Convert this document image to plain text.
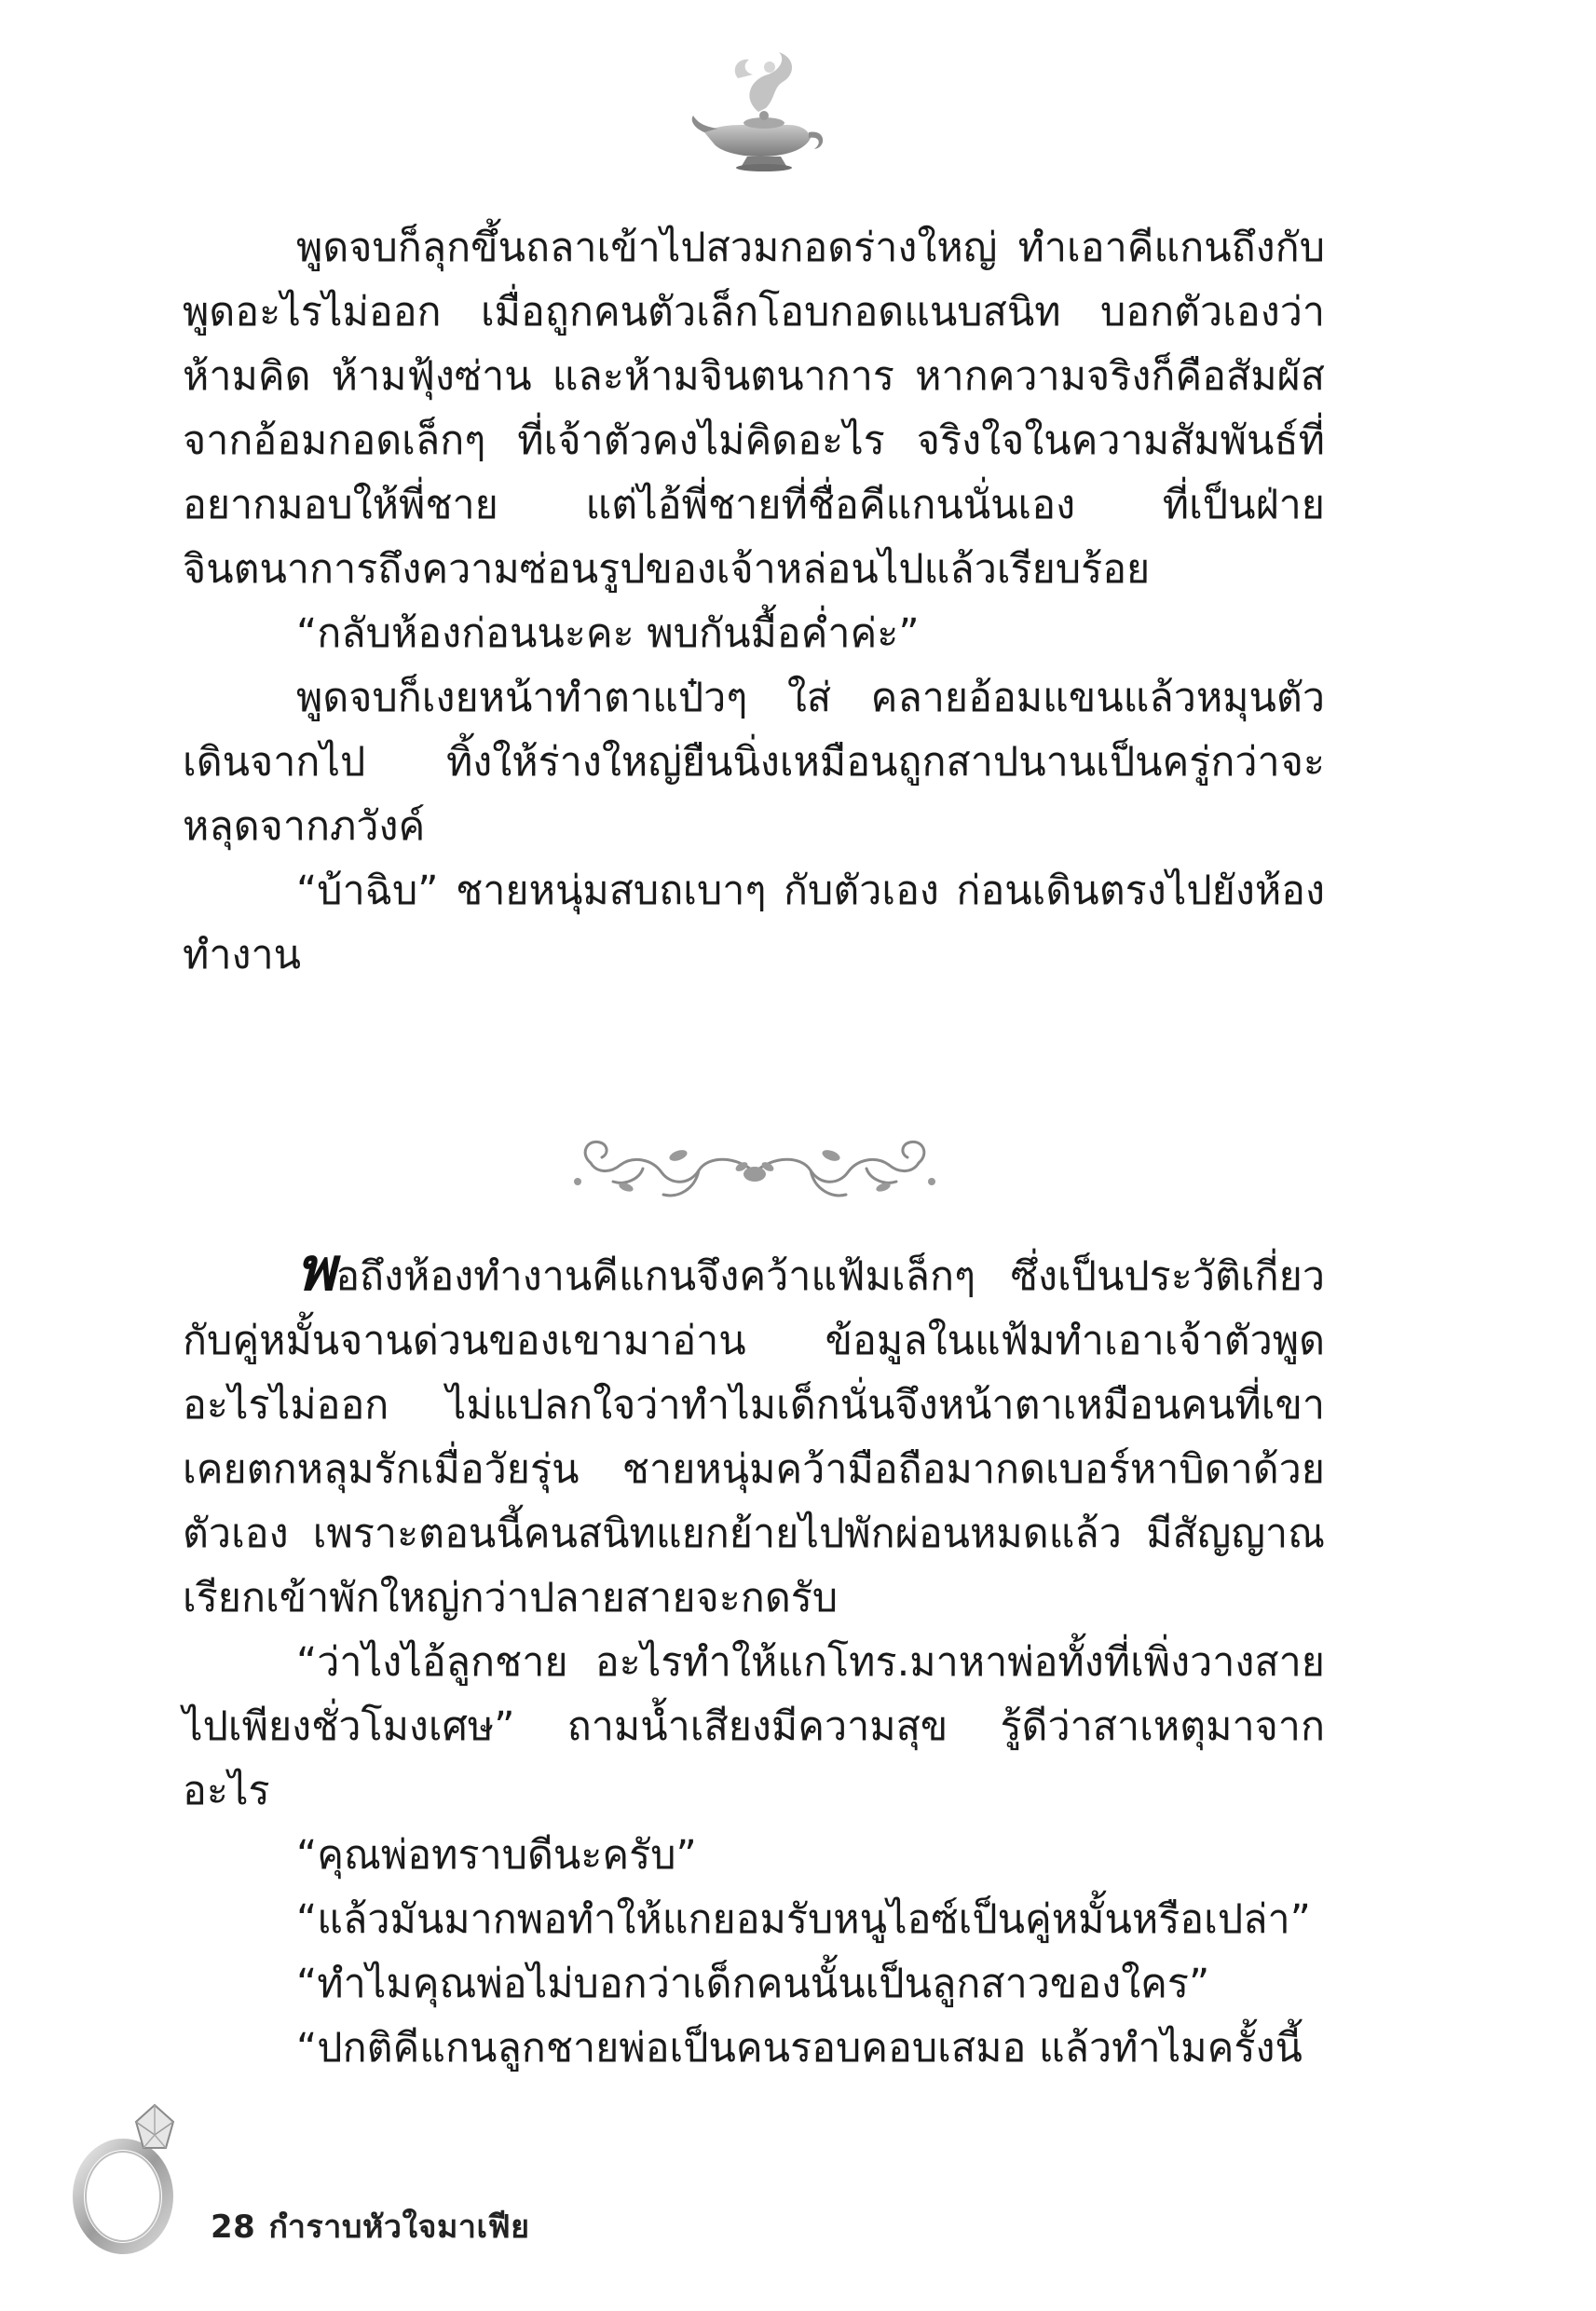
พูดจบก็ลุกขึ้นถลาเข้าไปสวมกอดร่างใหญ่ ทำเอาคีแกนถึงกับพูดอะไรไม่ออก เมื่อถูกคนตัวเล็กโอบกอดแนบสนิท บอกตัวเองว่าห้ามคิด ห้ามฟุ้งซ่าน และห้ามจินตนาการ หากความจริงก็คือสัมผัสจากอ้อมกอดเล็กๆ ที่เจ้าตัวคงไม่คิดอะไร จริงใจในความสัมพันธ์ที่อยากมอบให้พี่ชาย แต่ไอ้พี่ชายที่ชื่อคีแกนนั่นเอง ที่เป็นฝ่ายจินตนาการถึงความซ่อนรูปของเจ้าหล่อนไปแล้วเรียบร้อย

“กลับห้องก่อนนะคะ พบกันมื้อค่ำค่ะ”

พูดจบก็เงยหน้าทำตาแป๋วๆ ใส่ คลายอ้อมแขนแล้วหมุนตัวเดินจากไป ทิ้งให้ร่างใหญ่ยืนนิ่งเหมือนถูกสาปนานเป็นครู่กว่าจะหลุดจากภวังค์

“บ้าฉิบ” ชายหนุ่มสบถเบาๆ กับตัวเอง ก่อนเดินตรงไปยังห้องทำงาน

พอถึงห้องทำงานคีแกนจึงคว้าแฟ้มเล็กๆ ซึ่งเป็นประวัติเกี่ยวกับคู่หมั้นจานด่วนของเขามาอ่าน ข้อมูลในแฟ้มทำเอาเจ้าตัวพูดอะไรไม่ออก ไม่แปลกใจว่าทำไมเด็กนั่นจึงหน้าตาเหมือนคนที่เขาเคยตกหลุมรักเมื่อวัยรุ่น ชายหนุ่มคว้ามือถือมากดเบอร์หาบิดาด้วยตัวเอง เพราะตอนนี้คนสนิทแยกย้ายไปพักผ่อนหมดแล้ว มีสัญญาณเรียกเข้าพักใหญ่กว่าปลายสายจะกดรับ

“ว่าไงไอ้ลูกชาย อะไรทำให้แกโทร.มาหาพ่อทั้งที่เพิ่งวางสายไปเพียงชั่วโมงเศษ” ถามน้ำเสียงมีความสุข รู้ดีว่าสาเหตุมาจากอะไร

“คุณพ่อทราบดีนะครับ”

“แล้วมันมากพอทำให้แกยอมรับหนูไอซ์เป็นคู่หมั้นหรือเปล่า”

“ทำไมคุณพ่อไม่บอกว่าเด็กคนนั้นเป็นลูกสาวของใคร”

“ปกติคีแกนลูกชายพ่อเป็นคนรอบคอบเสมอ แล้วทำไมครั้งนี้

28 กำราบหัวใจมาเฟีย
